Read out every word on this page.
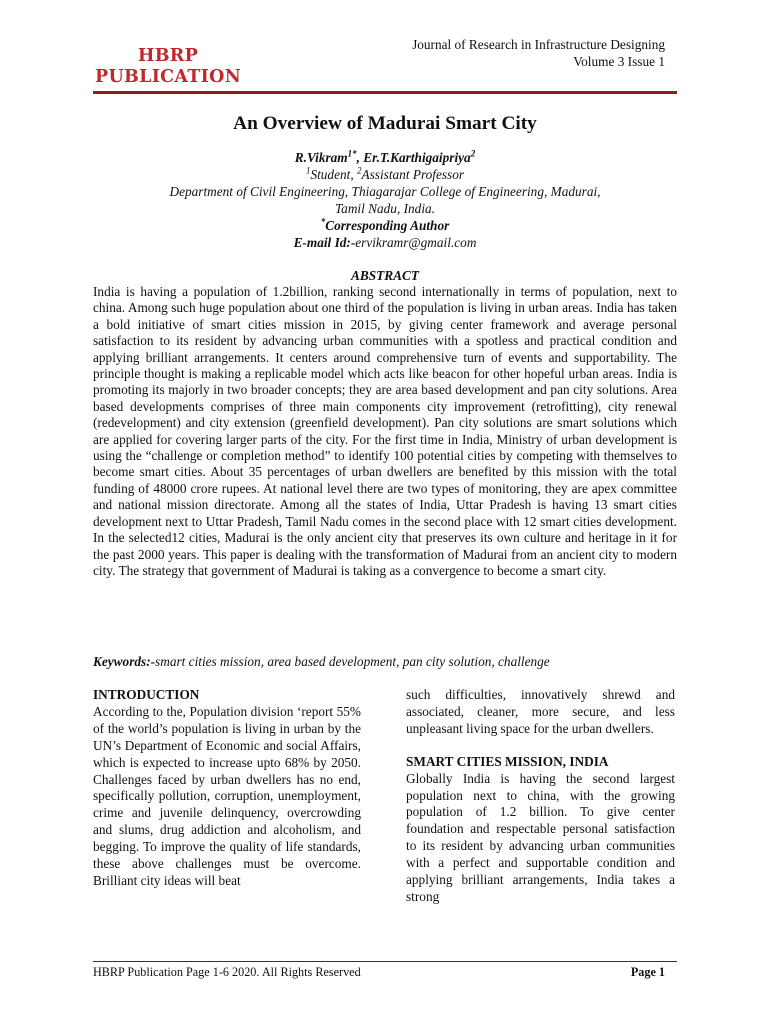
HBRP
PUBLICATION
Journal of Research in Infrastructure Designing
Volume 3 Issue 1
An Overview of Madurai Smart City
R.Vikram$^{1*}$, Er.T.Karthigaipriya$^2$
$^1$Student, $^2$Assistant Professor
Department of Civil Engineering, Thiagarajar College of Engineering, Madurai,
Tamil Nadu, India.
*Corresponding Author
E-mail Id:-ervikramr@gmail.com
ABSTRACT

India is having a population of 1.2billion, ranking second internationally in terms of population, next to china. Among such huge population about one third of the population is living in urban areas. India has taken a bold initiative of smart cities mission in 2015, by giving center framework and average personal satisfaction to its resident by advancing urban communities with a spotless and practical condition and applying brilliant arrangements. It centers around comprehensive turn of events and supportability. The principle thought is making a replicable model which acts like beacon for other hopeful urban areas. India is promoting its majorly in two broader concepts; they are area based development and pan city solutions. Area based developments comprises of three main components city improvement (retrofitting), city renewal (redevelopment) and city extension (greenfield development). Pan city solutions are smart solutions which are applied for covering larger parts of the city. For the first time in India, Ministry of urban development is using the “challenge or completion method” to identify 100 potential cities by competing with themselves to become smart cities. About 35 percentages of urban dwellers are benefited by this mission with the total funding of 48000 crore rupees. At national level there are two types of monitoring, they are apex committee and national mission directorate. Among all the states of India, Uttar Pradesh is having 13 smart cities development next to Uttar Pradesh, Tamil Nadu comes in the second place with 12 smart cities development. In the selected12 cities, Madurai is the only ancient city that preserves its own culture and heritage in it for the past 2000 years. This paper is dealing with the transformation of Madurai from an ancient city to modern city. The strategy that government of Madurai is taking as a convergence to become a smart city.

Keywords:-smart cities mission, area based development, pan city solution, challenge
INTRODUCTION

According to the, Population division ‘report 55% of the world’s population is living in urban by the UN’s Department of Economic and social Affairs, which is expected to increase upto 68% by 2050. Challenges faced by urban dwellers has no end, specifically pollution, corruption, unemployment, crime and juvenile delinquency, overcrowding and slums, drug addiction and alcoholism, and begging. To improve the quality of life standards, these above challenges must be overcome. Brilliant city ideas will beat

such difficulties, innovatively shrewd and associated, cleaner, more secure, and less unpleasant living space for the urban dwellers.

SMART CITIES MISSION, INDIA

Globally India is having the second largest population next to china, with the growing population of 1.2 billion. To give center foundation and respectable personal satisfaction to its resident by advancing urban communities with a perfect and supportable condition and applying brilliant arrangements, India takes a strong

HBRP Publication Page 1-6 2020. All Rights Reserved	Page 1
